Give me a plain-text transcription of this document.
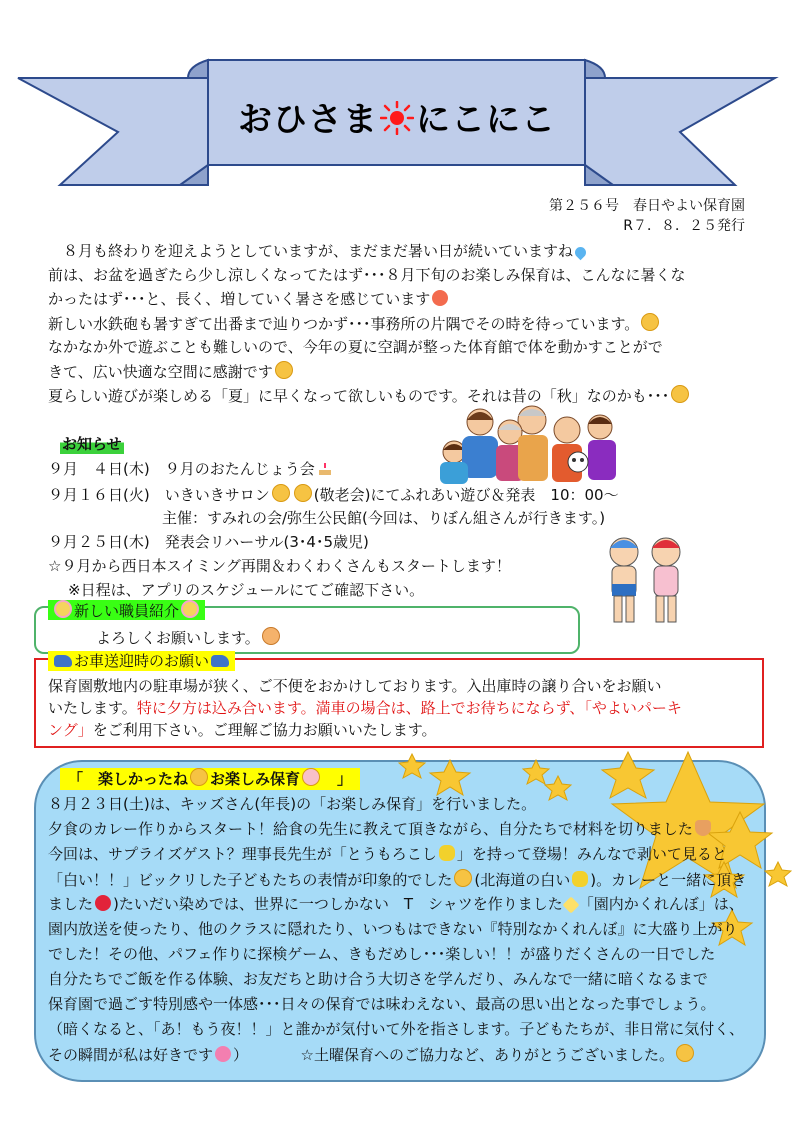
おひさま にこにこ
第２５６号　春日やよい保育園
R７．８．２５発行
　８月も終わりを迎えようとしていますが、まだまだ暑い日が続いていますね
前は、お盆を過ぎたら少し涼しくなってたはず･･･８月下旬のお楽しみ保育は、こんなに暑くな
かったはず･･･と、長く、増していく暑さを感じています
新しい水鉄砲も暑すぎて出番まで辿りつかず･･･事務所の片隅でその時を待っています。
なかなか外で遊ぶことも難しいので、今年の夏に空調が整った体育館で体を動かすことがで
きて、広い快適な空間に感謝です
夏らしい遊びが楽しめる「夏」に早くなって欲しいものです。それは昔の「秋」なのかも･･･
お知らせ
９月　４日(木)　９月のおたんじょう会
９月１６日(火)　いきいきサロン	(敬老会)にてふれあい遊び＆発表　10：00～
主催：すみれの会/弥生公民館(今回は、りぼん組さんが行きます。)
９月２５日(木)　発表会リハーサル(3･4･5歳児)
☆９月から西日本スイミング再開＆わくわくさんもスタートします！
※日程は、アプリのスケジュールにてご確認下さい。
新しい職員紹介
よろしくお願いします。
お車送迎時のお願い
保育園敷地内の駐車場が狭く、ご不便をおかけしております。入出庫時の譲り合いをお願い
いたします。特に夕方は込み合います。満車の場合は、路上でお待ちにならず、「やよいパーキ
ング」をご利用下さい。ご理解ご協力お願いいたします。
「　楽しかったね お楽しみ保育　」
８月２３日(土)は、キッズさん(年長)の「お楽しみ保育」を行いました。
夕食のカレー作りからスタート！給食の先生に教えて頂きながら、自分たちで材料を切りました
今回は、サプライズゲスト？理事長先生が「とうもろこし 」を持って登場！みんなで剥いて見ると
「白い！！」ビックリした子どもたちの表情が印象的でした (北海道の白い )。カレーと一緒に頂き
ました )たいだい染めでは、世界に一つしかない　T　シャツを作りました 「園内かくれんぼ」は、
園内放送を使ったり、他のクラスに隠れたり、いつもはできない『特別なかくれんぼ』に大盛り上がり
でした！その他、パフェ作りに探検ゲーム、きもだめし･･･楽しい！！が盛りだくさんの一日でした
自分たちでご飯を作る体験、お友だちと助け合う大切さを学んだり、みんなで一緒に暗くなるまで
保育園で過ごす特別感や一体感･･･日々の保育では味わえない、最高の思い出となった事でしょう。
（暗くなると、「あ！もう夜！！」と誰かが気付いて外を指さします。子どもたちが、非日常に気付く、
その瞬間が私は好きです ）　　　　☆土曜保育へのご協力など、ありがとうございました。
